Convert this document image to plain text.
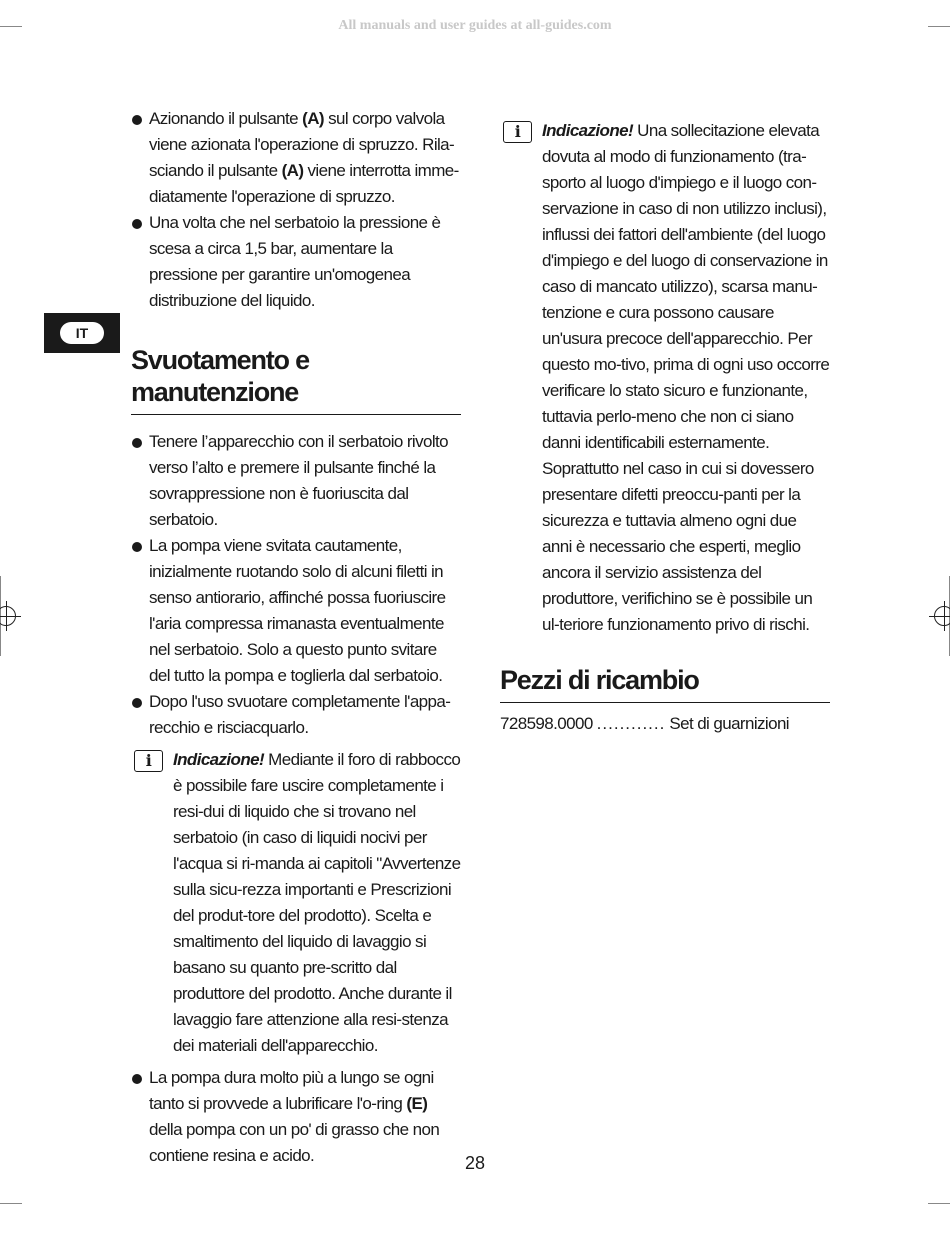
All manuals and user guides at all-guides.com
IT

Azionando il pulsante (A) sul corpo valvola viene azionata l'operazione di spruzzo. Rila-sciando il pulsante (A) viene interrotta imme-diatamente l'operazione di spruzzo.

Una volta che nel serbatoio la pressione è scesa a circa 1,5 bar, aumentare la pressione per garantire un'omogenea distribuzione del liquido.

Svuotamento e manutenzione

Tenere l’apparecchio con il serbatoio rivolto verso l’alto e premere il pulsante finché la sovrappressione non è fuoriuscita dal serbatoio.

La pompa viene svitata cautamente, inizialmente ruotando solo di alcuni filetti in senso antiorario, affinché possa fuoriuscire l'aria compressa rimanasta eventualmente nel serbatoio. Solo a questo punto svitare del tutto la pompa e toglierla dal serbatoio.

Dopo l'uso svuotare completamente l'appa-recchio e risciacquarlo.

i	Indicazione! Mediante il foro di rabbocco è possibile fare uscire completamente i resi-dui di liquido che si trovano nel serbatoio (in caso di liquidi nocivi per l'acqua si ri-manda ai capitoli "Avvertenze sulla sicu-rezza importanti e Prescrizioni del produt-tore del prodotto). Scelta e smaltimento del liquido di lavaggio si basano su quanto pre-scritto dal produttore del prodotto. Anche durante il lavaggio fare attenzione alla resi-stenza dei materiali dell'apparecchio.

La pompa dura molto più a lungo se ogni tanto si provvede a lubrificare l'o-ring (E) della pompa con un po' di grasso che non contiene resina e acido.

i	Indicazione! Una sollecitazione elevata dovuta al modo di funzionamento (tra-sporto al luogo d'impiego e il luogo con-servazione in caso di non utilizzo inclusi), influssi dei fattori dell'ambiente (del luogo d'impiego e del luogo di conservazione in caso di mancato utilizzo), scarsa manu-tenzione e cura possono causare un'usura precoce dell'apparecchio. Per questo mo-tivo, prima di ogni uso occorre verificare lo stato sicuro e funzionante, tuttavia perlo-meno che non ci siano danni identificabili esternamente. Soprattutto nel caso in cui si dovessero presentare difetti preoccu-panti per la sicurezza e tuttavia almeno ogni due anni è necessario che esperti, meglio ancora il servizio assistenza del produttore, verifichino se è possibile un ul-teriore funzionamento privo di rischi.

Pezzi di ricambio
728598.0000 ............ Set di guarnizioni
28
